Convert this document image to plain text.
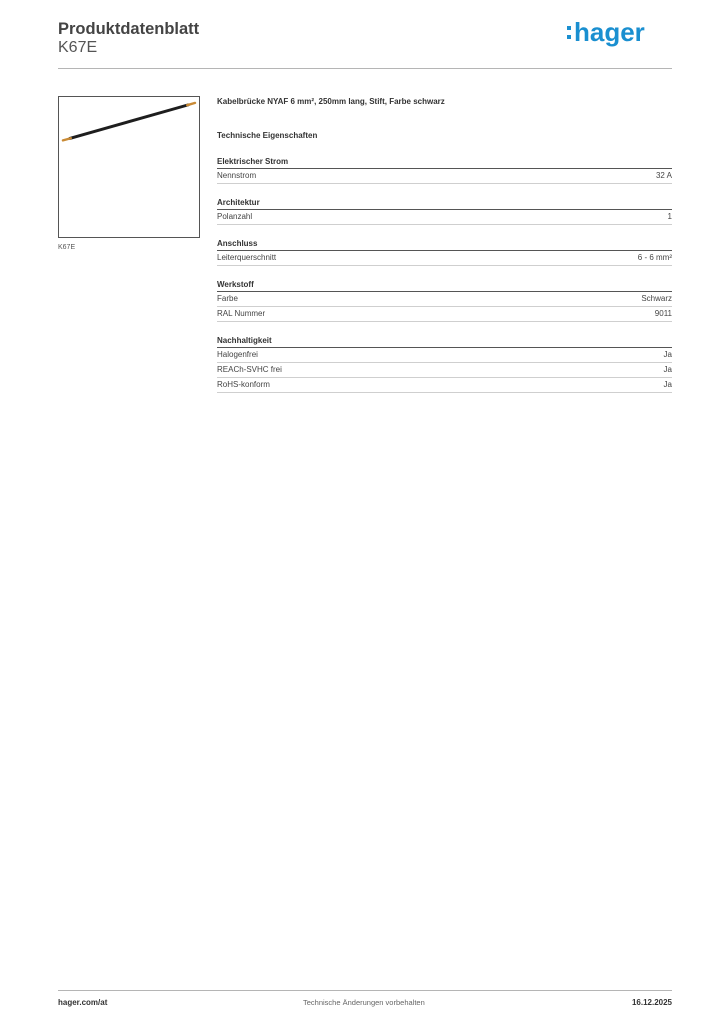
Produktdatenblatt
K67E
hager
K67E
Kabelbrücke NYAF 6 mm², 250mm lang, Stift, Farbe schwarz
Technische Eigenschaften
Elektrischer Strom
Nennstrom	32 A
Architektur
Polanzahl	1
Anschluss
Leiterquerschnitt	6 - 6 mm²
Werkstoff
Farbe	Schwarz
RAL Nummer	9011
Nachhaltigkeit
Halogenfrei	Ja
REACh-SVHC frei	Ja
RoHS-konform	Ja
hager.com/at	Technische Änderungen vorbehalten	16.12.2025
